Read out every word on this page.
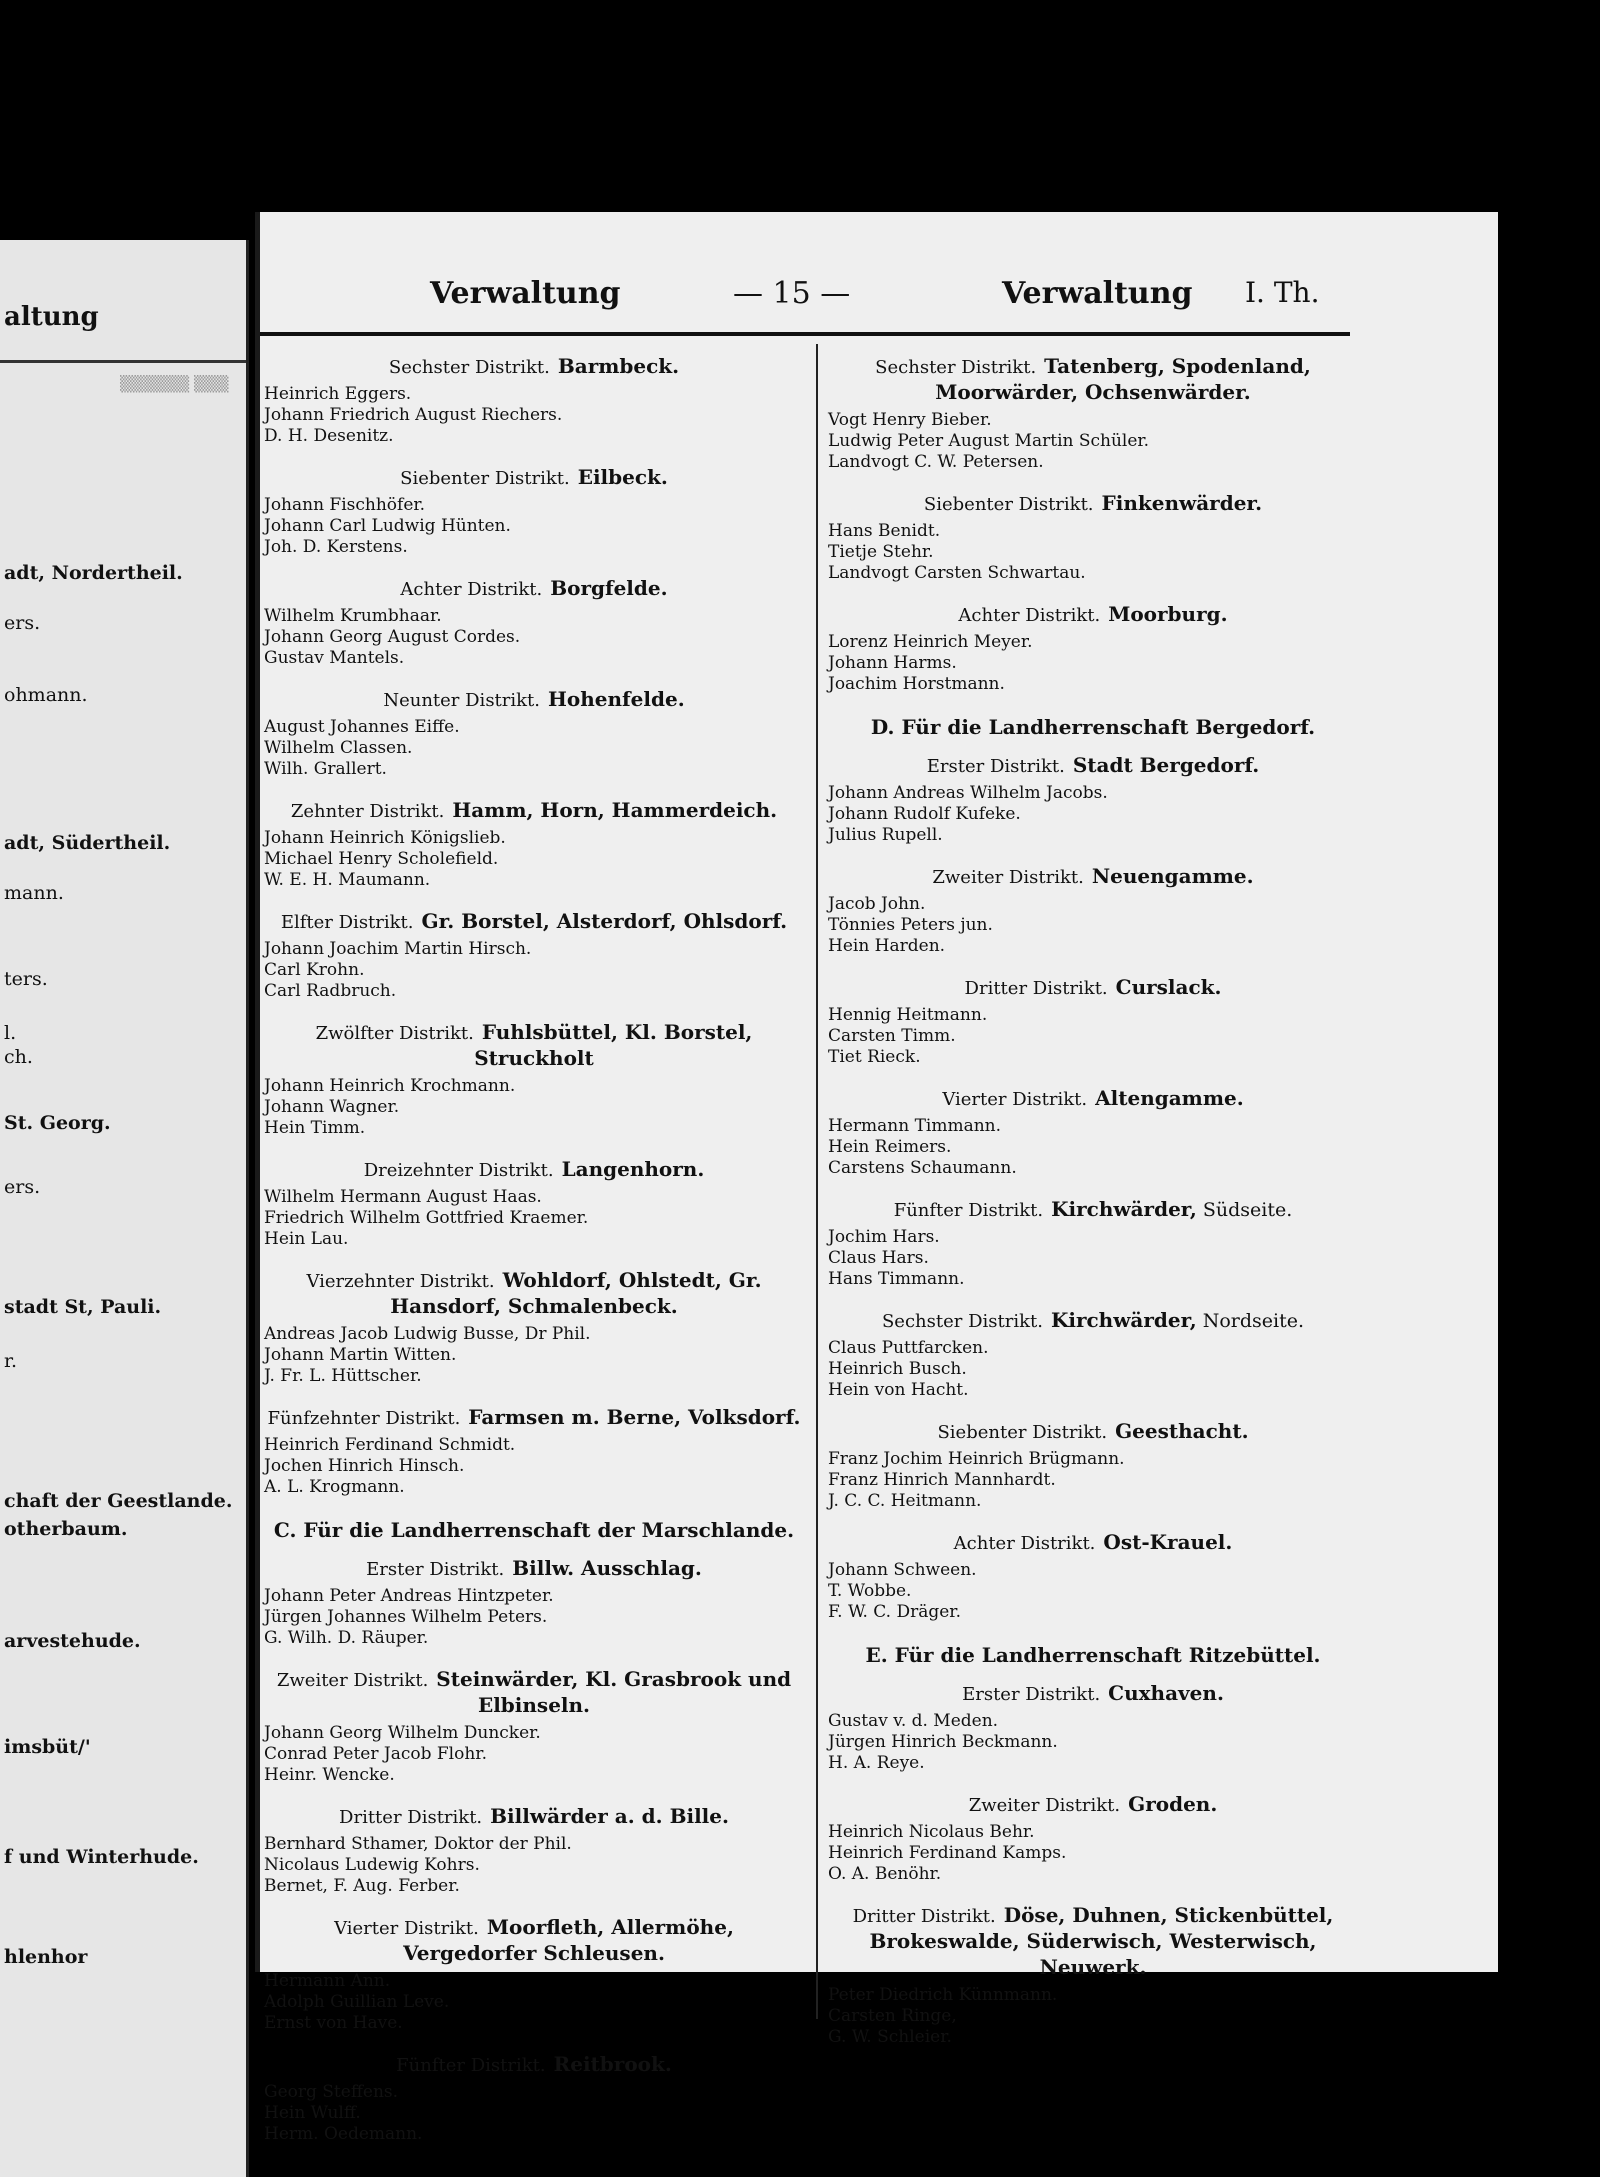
altung
▒▒▒▒▒▒ ▒▒▒
adt, Nordertheil.
ers.
ohmann.
adt, Südertheil.
mann.
ters.
l.
ch.
St. Georg.
ers.
stadt St, Pauli.
r.
chaft der Geestlande.
otherbaum.
arvestehude.
imsbüt/'
f und Winterhude.
hlenhor
Verwaltung	— 15 —	Verwaltung I. Th.
Sechster Distrikt. Barmbeck.
Heinrich Eggers.
Johann Friedrich August Riechers.
D. H. Desenitz.
Siebenter Distrikt. Eilbeck.
Johann Fischhöfer.
Johann Carl Ludwig Hünten.
Joh. D. Kerstens.
Achter Distrikt. Borgfelde.
Wilhelm Krumbhaar.
Johann Georg August Cordes.
Gustav Mantels.
Neunter Distrikt. Hohenfelde.
August Johannes Eiffe.
Wilhelm Classen.
Wilh. Grallert.
Zehnter Distrikt. Hamm, Horn, Hammerdeich.
Johann Heinrich Königslieb.
Michael Henry Scholefield.
W. E. H. Maumann.
Elfter Distrikt. Gr. Borstel, Alsterdorf, Ohlsdorf.
Johann Joachim Martin Hirsch.
Carl Krohn.
Carl Radbruch.
Zwölfter Distrikt. Fuhlsbüttel, Kl. Borstel, Struckholt
Johann Heinrich Krochmann.
Johann Wagner.
Hein Timm.
Dreizehnter Distrikt. Langenhorn.
Wilhelm Hermann August Haas.
Friedrich Wilhelm Gottfried Kraemer.
Hein Lau.
Vierzehnter Distrikt. Wohldorf, Ohlstedt, Gr. Hansdorf, Schmalenbeck.
Andreas Jacob Ludwig Busse, Dr Phil.
Johann Martin Witten.
J. Fr. L. Hüttscher.
Fünfzehnter Distrikt. Farmsen m. Berne, Volksdorf.
Heinrich Ferdinand Schmidt.
Jochen Hinrich Hinsch.
A. L. Krogmann.
C. Für die Landherrenschaft der Marschlande.
Erster Distrikt. Billw. Ausschlag.
Johann Peter Andreas Hintzpeter.
Jürgen Johannes Wilhelm Peters.
G. Wilh. D. Räuper.
Zweiter Distrikt. Steinwärder, Kl. Grasbrook und Elbinseln.
Johann Georg Wilhelm Duncker.
Conrad Peter Jacob Flohr.
Heinr. Wencke.
Dritter Distrikt. Billwärder a. d. Bille.
Bernhard Sthamer, Doktor der Phil.
Nicolaus Ludewig Kohrs.
Bernet, F. Aug. Ferber.
Vierter Distrikt. Moorfleth, Allermöhe, Vergedorfer Schleusen.
Hermann Ann.
Adolph Guillian Leve.
Ernst von Have.
Fünfter Distrikt. Reitbrook.
Georg Steffens.
Hein Wulff.
Herm. Oedemann.
Sechster Distrikt. Tatenberg, Spodenland, Moorwärder, Ochsenwärder.
Vogt Henry Bieber.
Ludwig Peter August Martin Schüler.
Landvogt C. W. Petersen.
Siebenter Distrikt. Finkenwärder.
Hans Benidt.
Tietje Stehr.
Landvogt Carsten Schwartau.
Achter Distrikt. Moorburg.
Lorenz Heinrich Meyer.
Johann Harms.
Joachim Horstmann.
D. Für die Landherrenschaft Bergedorf.
Erster Distrikt. Stadt Bergedorf.
Johann Andreas Wilhelm Jacobs.
Johann Rudolf Kufeke.
Julius Rupell.
Zweiter Distrikt. Neuengamme.
Jacob John.
Tönnies Peters jun.
Hein Harden.
Dritter Distrikt. Curslack.
Hennig Heitmann.
Carsten Timm.
Tiet Rieck.
Vierter Distrikt. Altengamme.
Hermann Timmann.
Hein Reimers.
Carstens Schaumann.
Fünfter Distrikt. Kirchwärder, Südseite.
Jochim Hars.
Claus Hars.
Hans Timmann.
Sechster Distrikt. Kirchwärder, Nordseite.
Claus Puttfarcken.
Heinrich Busch.
Hein von Hacht.
Siebenter Distrikt. Geesthacht.
Franz Jochim Heinrich Brügmann.
Franz Hinrich Mannhardt.
J. C. C. Heitmann.
Achter Distrikt. Ost-Krauel.
Johann Schween.
T. Wobbe.
F. W. C. Dräger.
E. Für die Landherrenschaft Ritzebüttel.
Erster Distrikt. Cuxhaven.
Gustav v. d. Meden.
Jürgen Hinrich Beckmann.
H. A. Reye.
Zweiter Distrikt. Groden.
Heinrich Nicolaus Behr.
Heinrich Ferdinand Kamps.
O. A. Benöhr.
Dritter Distrikt. Döse, Duhnen, Stickenbüttel, Brokeswalde, Süderwisch, Westerwisch, Neuwerk.
Peter Diedrich Künnmann.
Carsten Ringe,
G. W. Schleier.
